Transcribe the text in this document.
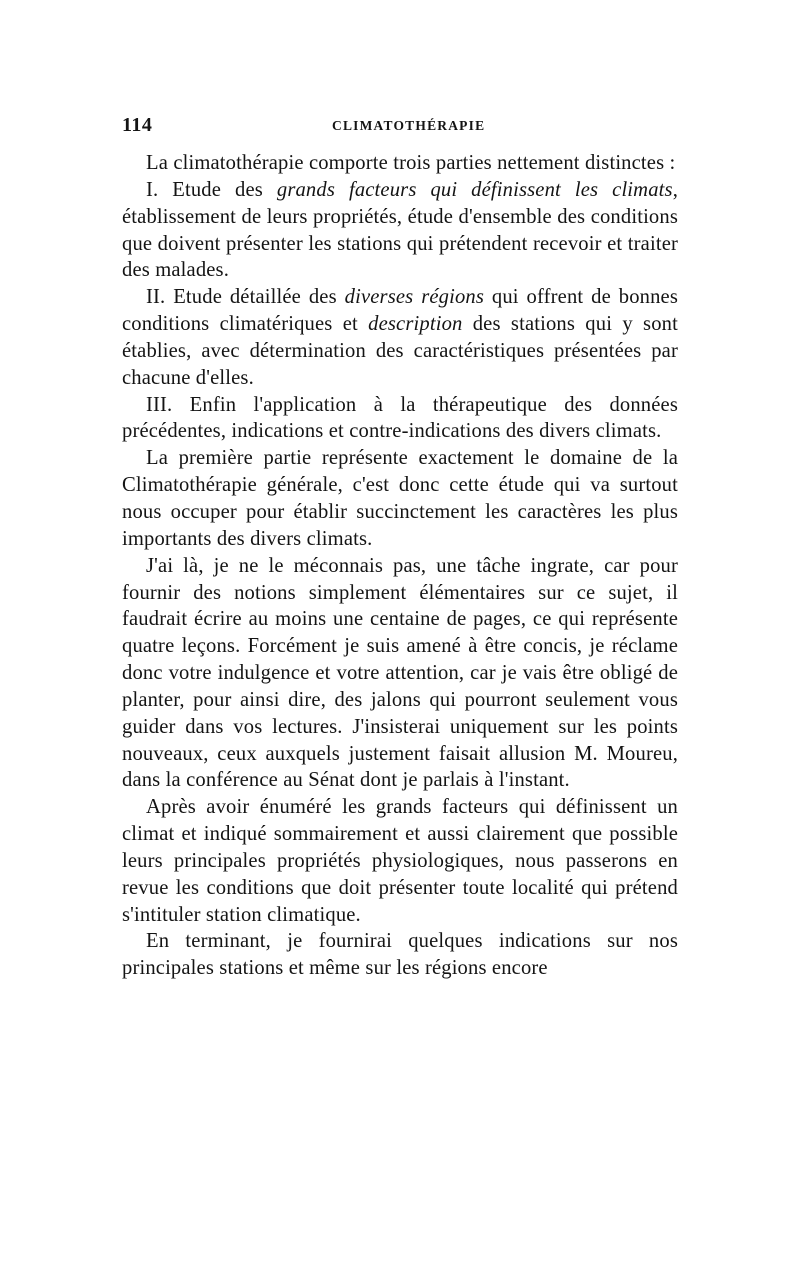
114	CLIMATOTHÉRAPIE

La climatothérapie comporte trois parties nettement distinctes :

I. Etude des grands facteurs qui définissent les climats, établissement de leurs propriétés, étude d'ensemble des conditions que doivent présenter les stations qui prétendent recevoir et traiter des malades.

II. Etude détaillée des diverses régions qui offrent de bonnes conditions climatériques et description des stations qui y sont établies, avec détermination des caractéristiques présentées par chacune d'elles.

III. Enfin l'application à la thérapeutique des données précédentes, indications et contre-indications des divers climats.

La première partie représente exactement le domaine de la Climatothérapie générale, c'est donc cette étude qui va surtout nous occuper pour établir succinctement les caractères les plus importants des divers climats.

J'ai là, je ne le méconnais pas, une tâche ingrate, car pour fournir des notions simplement élémentaires sur ce sujet, il faudrait écrire au moins une centaine de pages, ce qui représente quatre leçons. Forcément je suis amené à être concis, je réclame donc votre indulgence et votre attention, car je vais être obligé de planter, pour ainsi dire, des jalons qui pourront seulement vous guider dans vos lectures. J'insisterai uniquement sur les points nouveaux, ceux auxquels justement faisait allusion M. Moureu, dans la conférence au Sénat dont je parlais à l'instant.

Après avoir énuméré les grands facteurs qui définissent un climat et indiqué sommairement et aussi clairement que possible leurs principales propriétés physiologiques, nous passerons en revue les conditions que doit présenter toute localité qui prétend s'intituler station climatique.

En terminant, je fournirai quelques indications sur nos principales stations et même sur les régions encore
